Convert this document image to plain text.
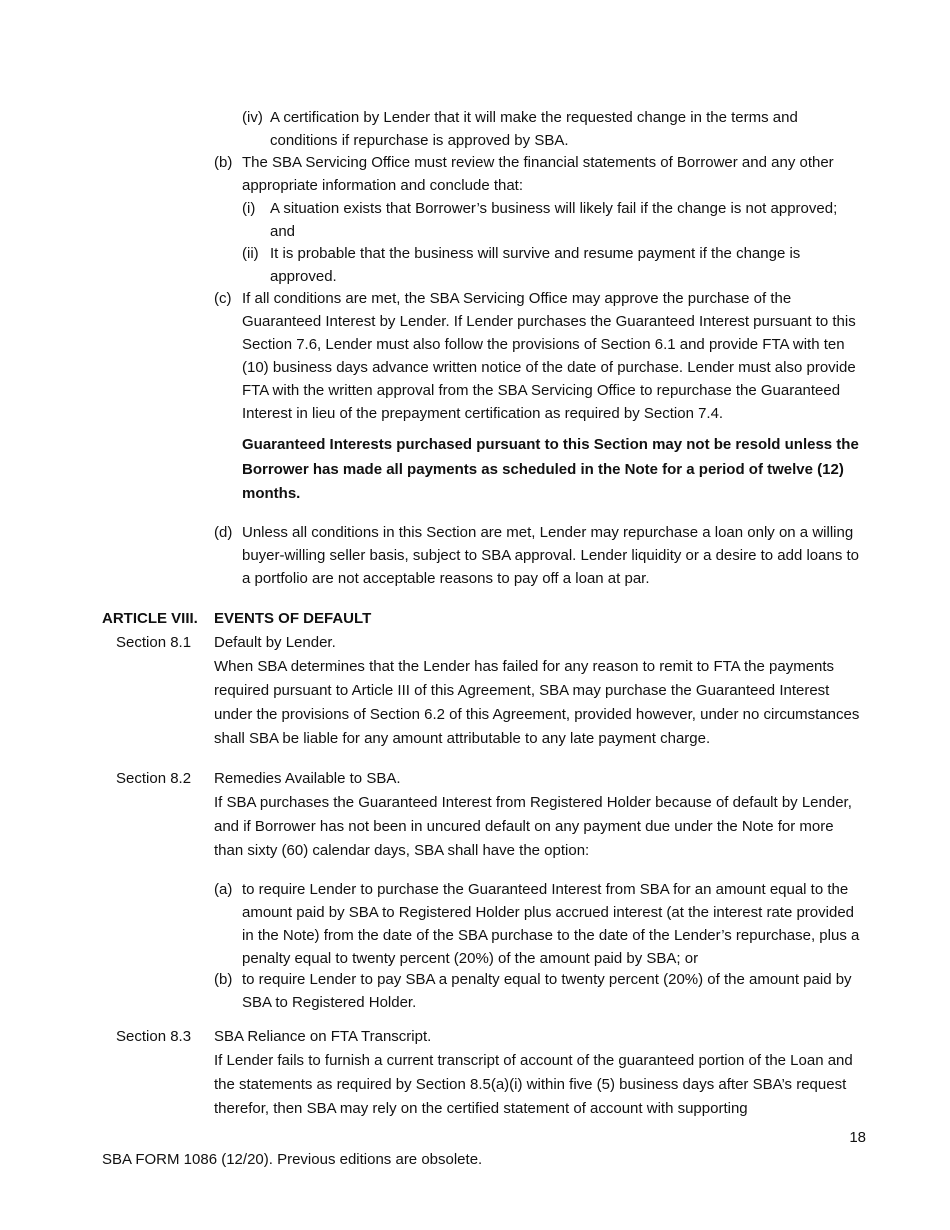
(iv) A certification by Lender that it will make the requested change in the terms and conditions if repurchase is approved by SBA.
(b) The SBA Servicing Office must review the financial statements of Borrower and any other appropriate information and conclude that:
(i) A situation exists that Borrower’s business will likely fail if the change is not approved; and
(ii) It is probable that the business will survive and resume payment if the change is approved.
(c) If all conditions are met, the SBA Servicing Office may approve the purchase of the Guaranteed Interest by Lender. If Lender purchases the Guaranteed Interest pursuant to this Section 7.6, Lender must also follow the provisions of Section 6.1 and provide FTA with ten (10) business days advance written notice of the date of purchase. Lender must also provide FTA with the written approval from the SBA Servicing Office to repurchase the Guaranteed Interest in lieu of the prepayment certification as required by Section 7.4.

Guaranteed Interests purchased pursuant to this Section may not be resold unless the Borrower has made all payments as scheduled in the Note for a period of twelve (12) months.

(d) Unless all conditions in this Section are met, Lender may repurchase a loan only on a willing buyer-willing seller basis, subject to SBA approval. Lender liquidity or a desire to add loans to a portfolio are not acceptable reasons to pay off a loan at par.
ARTICLE VIII. EVENTS OF DEFAULT
Section 8.1 Default by Lender.

When SBA determines that the Lender has failed for any reason to remit to FTA the payments required pursuant to Article III of this Agreement, SBA may purchase the Guaranteed Interest under the provisions of Section 6.2 of this Agreement, provided however, under no circumstances shall SBA be liable for any amount attributable to any late payment charge.

Section 8.2 Remedies Available to SBA.

If SBA purchases the Guaranteed Interest from Registered Holder because of default by Lender, and if Borrower has not been in uncured default on any payment due under the Note for more than sixty (60) calendar days, SBA shall have the option:

(a) to require Lender to purchase the Guaranteed Interest from SBA for an amount equal to the amount paid by SBA to Registered Holder plus accrued interest (at the interest rate provided in the Note) from the date of the SBA purchase to the date of the Lender’s repurchase, plus a penalty equal to twenty percent (20%) of the amount paid by SBA; or
(b) to require Lender to pay SBA a penalty equal to twenty percent (20%) of the amount paid by SBA to Registered Holder.
Section 8.3 SBA Reliance on FTA Transcript.

If Lender fails to furnish a current transcript of account of the guaranteed portion of the Loan and the statements as required by Section 8.5(a)(i) within five (5) business days after SBA’s request therefor, then SBA may rely on the certified statement of account with supporting

18
SBA FORM 1086 (12/20). Previous editions are obsolete.
